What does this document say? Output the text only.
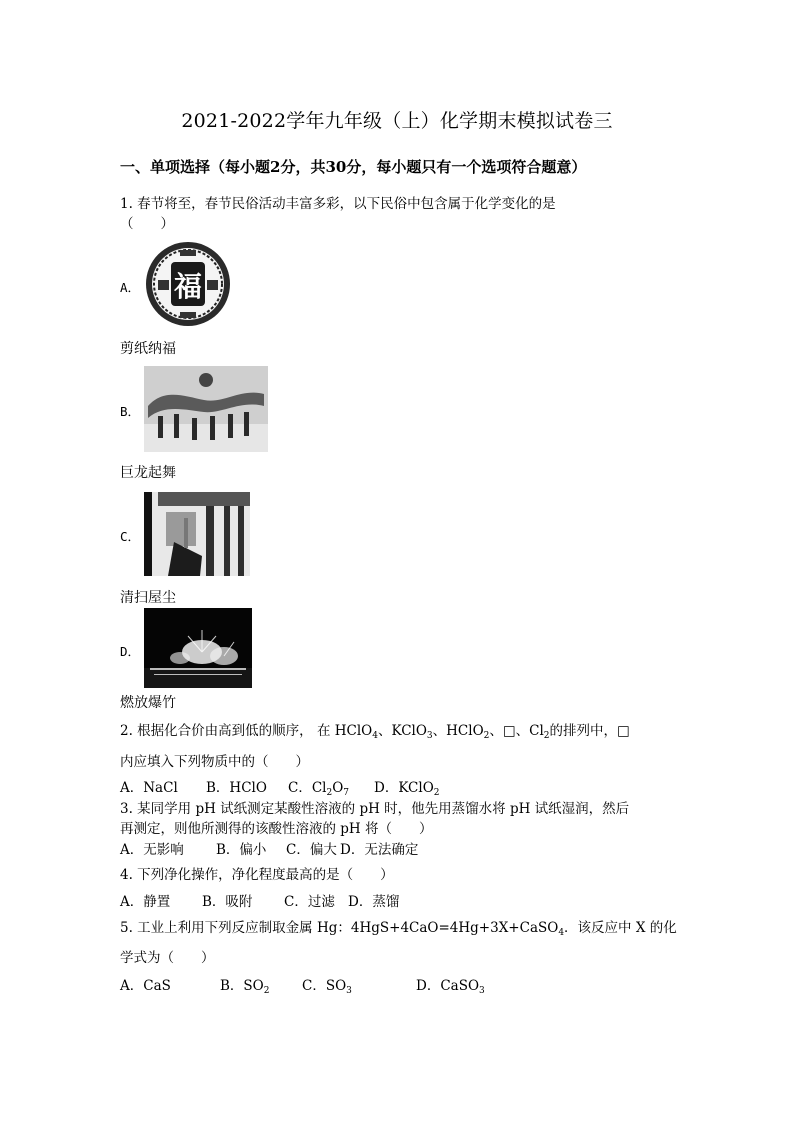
2021-2022学年九年级（上）化学期末模拟试卷三
一、单项选择（每小题2分，共30分，每小题只有一个选项符合题意）
1. 春节将至，春节民俗活动丰富多彩，以下民俗中包含属于化学变化的是
（　　）
A． 福
剪纸纳福
B．
巨龙起舞
C．
清扫屋尘
D．
燃放爆竹
2. 根据化合价由高到低的顺序， 在 HClO$_4$、KClO$_3$、HClO$_2$、□、$Cl_2$的排列中，□
内应填入下列物质中的（　　）
A．NaCl B．HClO C．$Cl_2O_7$ D．KClO$_2$
3. 某同学用 pH 试纸测定某酸性溶液的 pH 时，他先用蒸馏水将 pH 试纸湿润，然后
再测定，则他所测得的该酸性溶液的 pH 将（　　）
A．无影响 B．偏小 C．偏大 D．无法确定
4. 下列净化操作，净化程度最高的是（　　）
A．静置 B．吸附 C．过滤 D．蒸馏
5. 工业上利用下列反应制取金属 Hg：4HgS+4CaO=4Hg+3X+CaSO$_4$．该反应中 X 的化
学式为（　　）
A．CaS	B．$SO_2$ C．$SO_3$	D．CaSO$_3$
